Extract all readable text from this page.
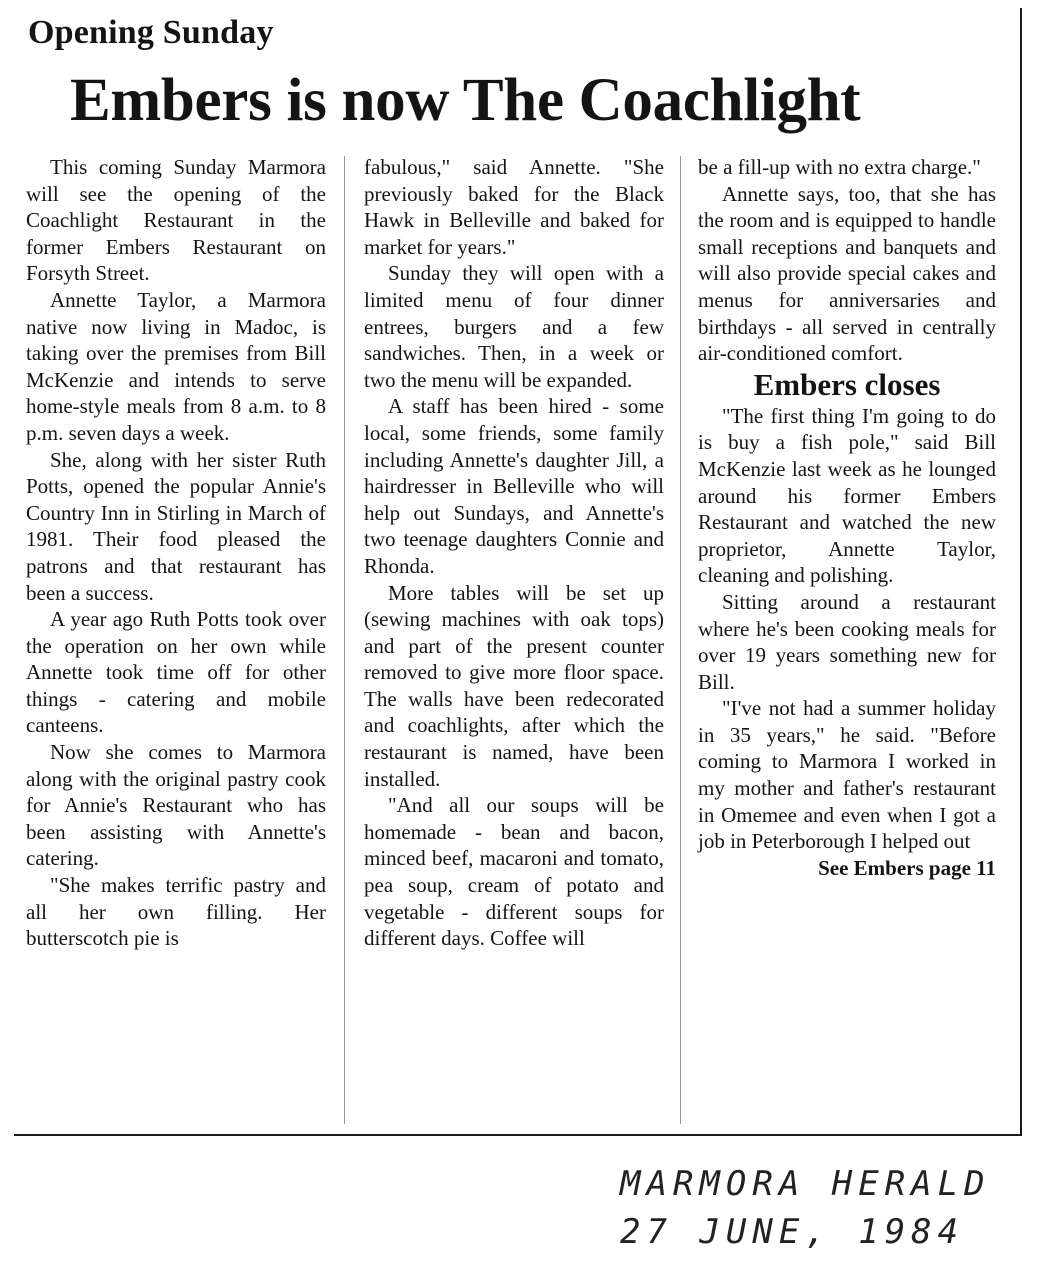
Opening Sunday
Embers is now The Coachlight

This coming Sunday Marmora will see the opening of the Coachlight Restaurant in the former Embers Restaurant on Forsyth Street.

Annette Taylor, a Marmora native now living in Madoc, is taking over the premises from Bill McKenzie and intends to serve home-style meals from 8 a.m. to 8 p.m. seven days a week.

She, along with her sister Ruth Potts, opened the popular Annie's Country Inn in Stirling in March of 1981. Their food pleased the patrons and that restaurant has been a success.

A year ago Ruth Potts took over the operation on her own while Annette took time off for other things - catering and mobile canteens.

Now she comes to Marmora along with the original pastry cook for Annie's Restaurant who has been assisting with Annette's catering.

"She makes terrific pastry and all her own filling. Her butterscotch pie is

fabulous," said Annette. "She previously baked for the Black Hawk in Belleville and baked for market for years."

Sunday they will open with a limited menu of four dinner entrees, burgers and a few sandwiches. Then, in a week or two the menu will be expanded.

A staff has been hired - some local, some friends, some family including Annette's daughter Jill, a hairdresser in Belleville who will help out Sundays, and Annette's two teenage daughters Connie and Rhonda.

More tables will be set up (sewing machines with oak tops) and part of the present counter removed to give more floor space. The walls have been redecorated and coachlights, after which the restaurant is named, have been installed.

"And all our soups will be homemade - bean and bacon, minced beef, macaroni and tomato, pea soup, cream of potato and vegetable - different soups for different days. Coffee will

be a fill-up with no extra charge."

Annette says, too, that she has the room and is equipped to handle small receptions and banquets and will also provide special cakes and menus for anniversaries and birthdays - all served in centrally air-conditioned comfort.

Embers closes

"The first thing I'm going to do is buy a fish pole," said Bill McKenzie last week as he lounged around his former Embers Restaurant and watched the new proprietor, Annette Taylor, cleaning and polishing.

Sitting around a restaurant where he's been cooking meals for over 19 years something new for Bill.

"I've not had a summer holiday in 35 years," he said. "Before coming to Marmora I worked in my mother and father's restaurant in Omemee and even when I got a job in Peterborough I helped out

See Embers page 11

MARMORA HERALD
27 JUNE, 1984
